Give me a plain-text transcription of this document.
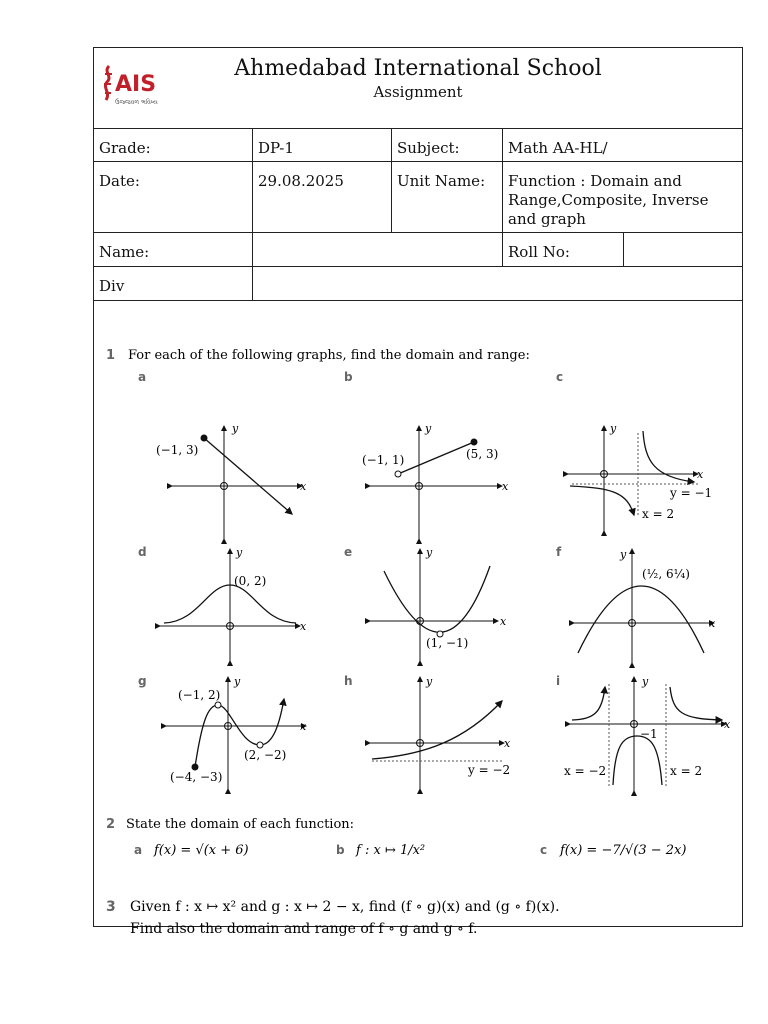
AIS
ઉજ્જવળ ભવિષ્ય
Ahmedabad International School
Assignment
Grade:	DP-1	Subject:	Math AA-HL/
Date:	29.08.2025	Unit Name:	Function : Domain and Range,Composite, Inverse and graph
Name:	Roll No:
Div
1 For each of the following graphs, find the domain and range:
a
(−1, 3)
y
x
b
(−1, 1)	(5, 3)
y
x
c
y
x
y = −1
x = 2
d
(0, 2)
y
x
e
(1, −1)
y
x
f
(½, 6¼)
y
x
g
(−1, 2)
(2, −2)
(−4, −3)
y
x
h
y = −2
y
x
i
−1
x = −2	x = 2
y
x
2 State the domain of each function:
a f(x) = √(x + 6)	b f : x ↦ 1/x²	c f(x) = −7/√(3 − 2x)
3 Given f : x ↦ x² and g : x ↦ 2 − x, find (f ∘ g)(x) and (g ∘ f)(x).
Find also the domain and range of f ∘ g and g ∘ f.
